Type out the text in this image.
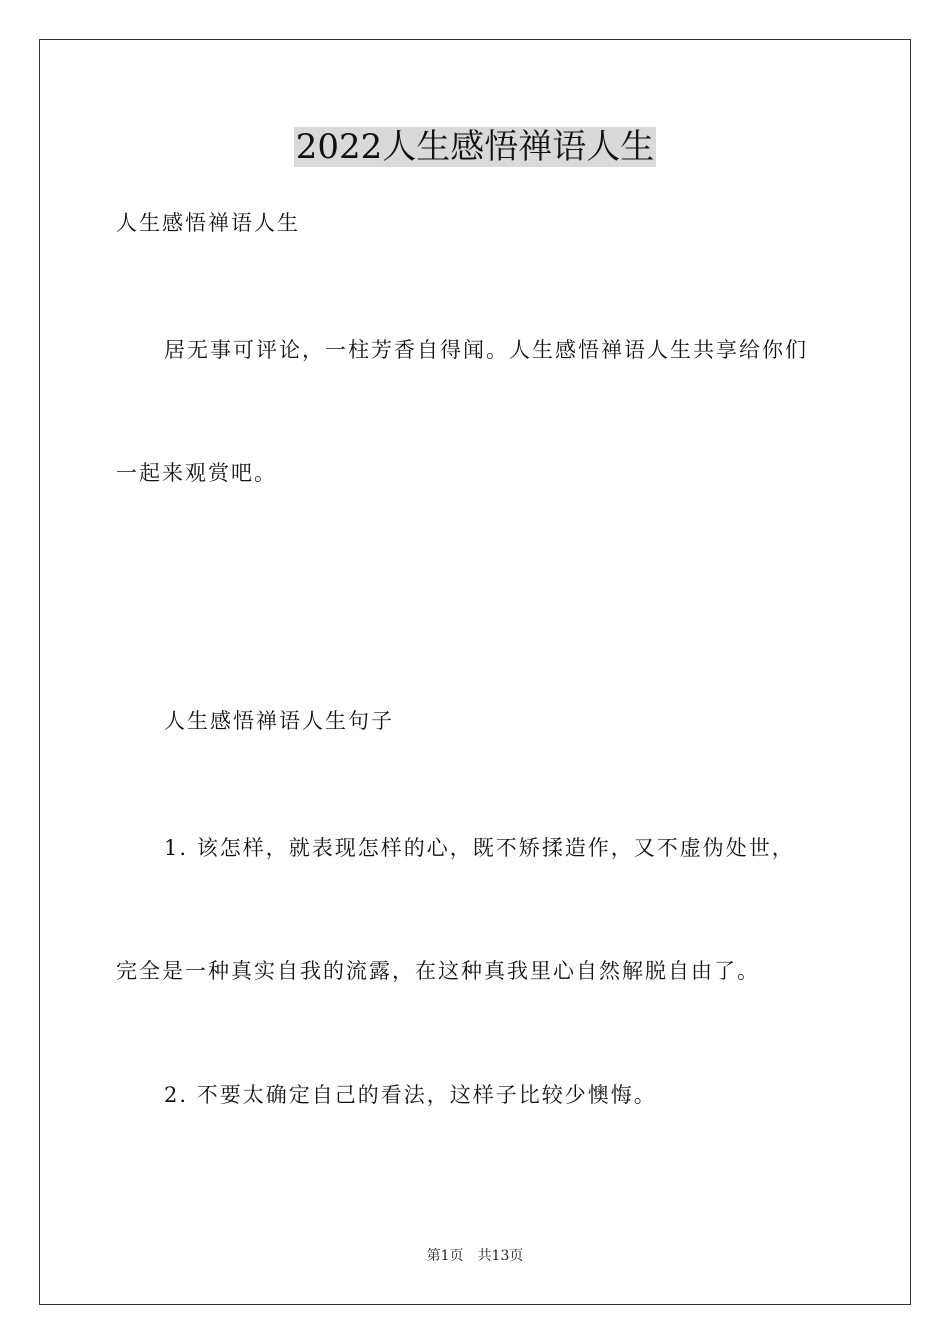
2022人生感悟禅语人生
人生感悟禅语人生
居无事可评论，一柱芳香自得闻。人生感悟禅语人生共享给你们
一起来观赏吧。
人生感悟禅语人生句子
1. 该怎样，就表现怎样的心，既不矫揉造作，又不虚伪处世，
完全是一种真实自我的流露，在这种真我里心自然解脱自由了。
2. 不要太确定自己的看法，这样子比较少懊悔。
第1页　共13页
